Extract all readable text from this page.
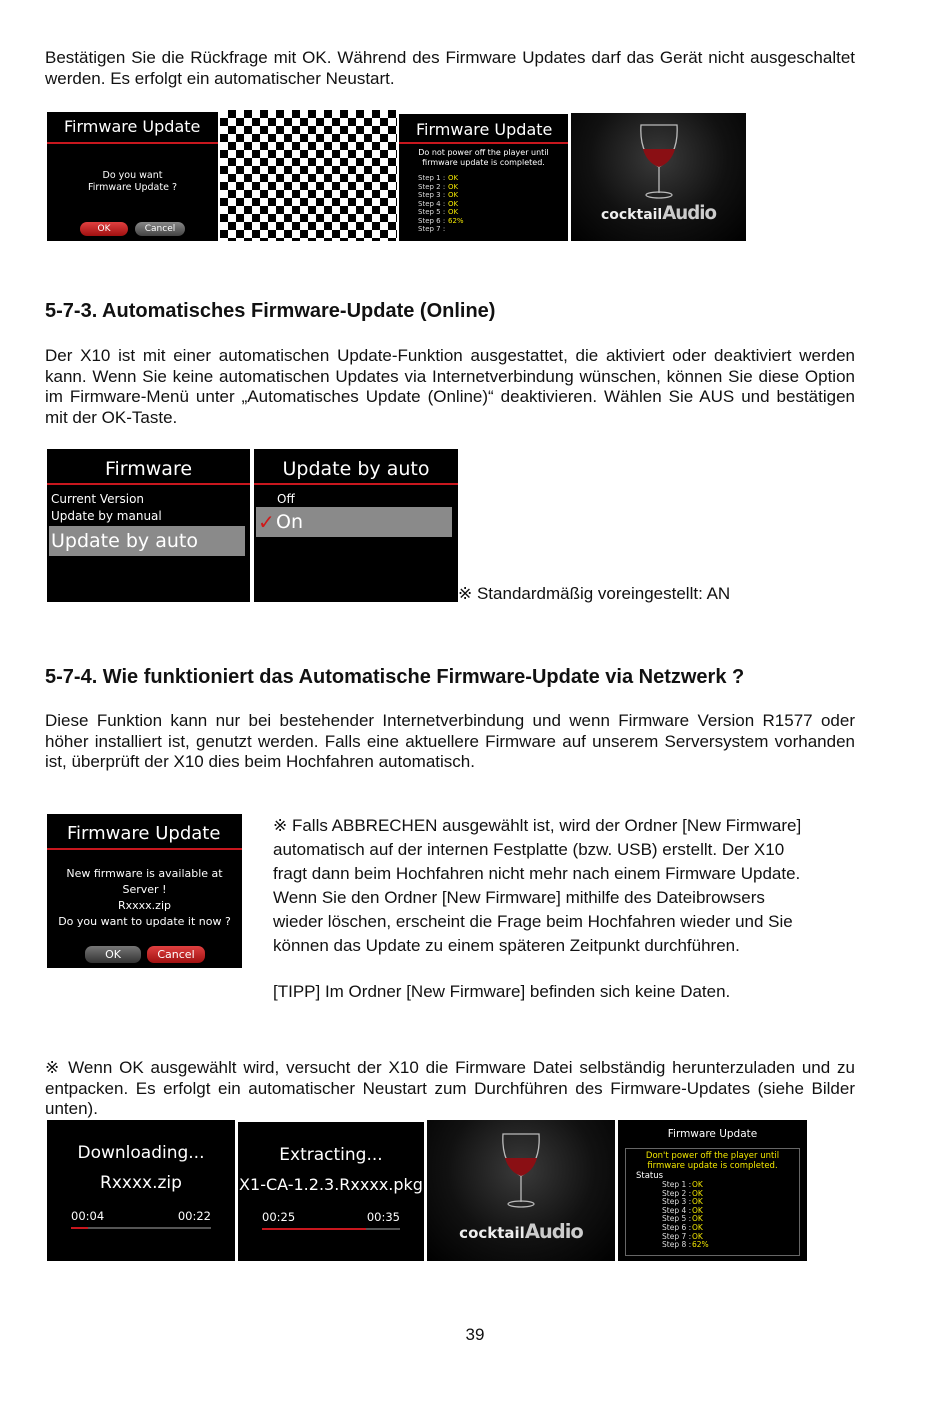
Bestätigen Sie die Rückfrage mit OK. Während des Firmware Updates darf das Gerät nicht ausgeschaltet werden. Es erfolgt ein automatischer Neustart.

Firmware Update
Do you want
Firmware Update ?
OK	Cancel
Firmware Update
Do not power off the player until
firmware update is completed.
Step 1 : OK
Step 2 : OK
Step 3 : OK
Step 4 : OK
Step 5 : OK
Step 6 : 62%
Step 7 :
cocktailAudio
5-7-3. Automatisches Firmware-Update (Online)

Der X10 ist mit einer automatischen Update-Funktion ausgestattet, die aktiviert oder deaktiviert werden kann. Wenn Sie keine automatischen Updates via Internetverbindung wünschen, können Sie diese Option im Firmware-Menü unter „Automatisches Update (Online)“ deaktivieren. Wählen Sie AUS und bestätigen mit der OK-Taste.

Firmware
Current Version
Update by manual
Update by auto
Update by auto
Off
✓ On
※ Standardmäßig voreingestellt: AN
5-7-4. Wie funktioniert das Automatische Firmware-Update via Netzwerk ?

Diese Funktion kann nur bei bestehender Internetverbindung und wenn Firmware Version R1577 oder höher installiert ist, genutzt werden. Falls eine aktuellere Firmware auf unserem Serversystem vorhanden ist, überprüft der X10 dies beim Hochfahren automatisch.

Firmware Update
New firmware is available at
Server !
Rxxxx.zip
Do you want to update it now ?
OK	Cancel
※ Falls ABBRECHEN ausgewählt ist, wird der Ordner [New Firmware]
automatisch auf der internen Festplatte (bzw. USB) erstellt. Der X10
fragt dann beim Hochfahren nicht mehr nach einem Firmware Update.
Wenn Sie den Ordner [New Firmware] mithilfe des Dateibrowsers
wieder löschen, erscheint die Frage beim Hochfahren wieder und Sie
können das Update zu einem späteren Zeitpunkt durchführen.
[TIPP] Im Ordner [New Firmware] befinden sich keine Daten.

※ Wenn OK ausgewählt wird, versucht der X10 die Firmware Datei selbständig herunterzuladen und zu entpacken. Es erfolgt ein automatischer Neustart zum Durchführen des Firmware-Updates (siehe Bilder unten).

Downloading...
Rxxxx.zip
00:04	00:22
Extracting...
X1-CA-1.2.3.Rxxxx.pkg
00:25	00:35
cocktailAudio
Firmware Update
Don't power off the player until
firmware update is completed.
Status
Step 1 :OK
Step 2 :OK
Step 3 :OK
Step 4 :OK
Step 5 :OK
Step 6 :OK
Step 7 :OK
Step 8 :62%
39
